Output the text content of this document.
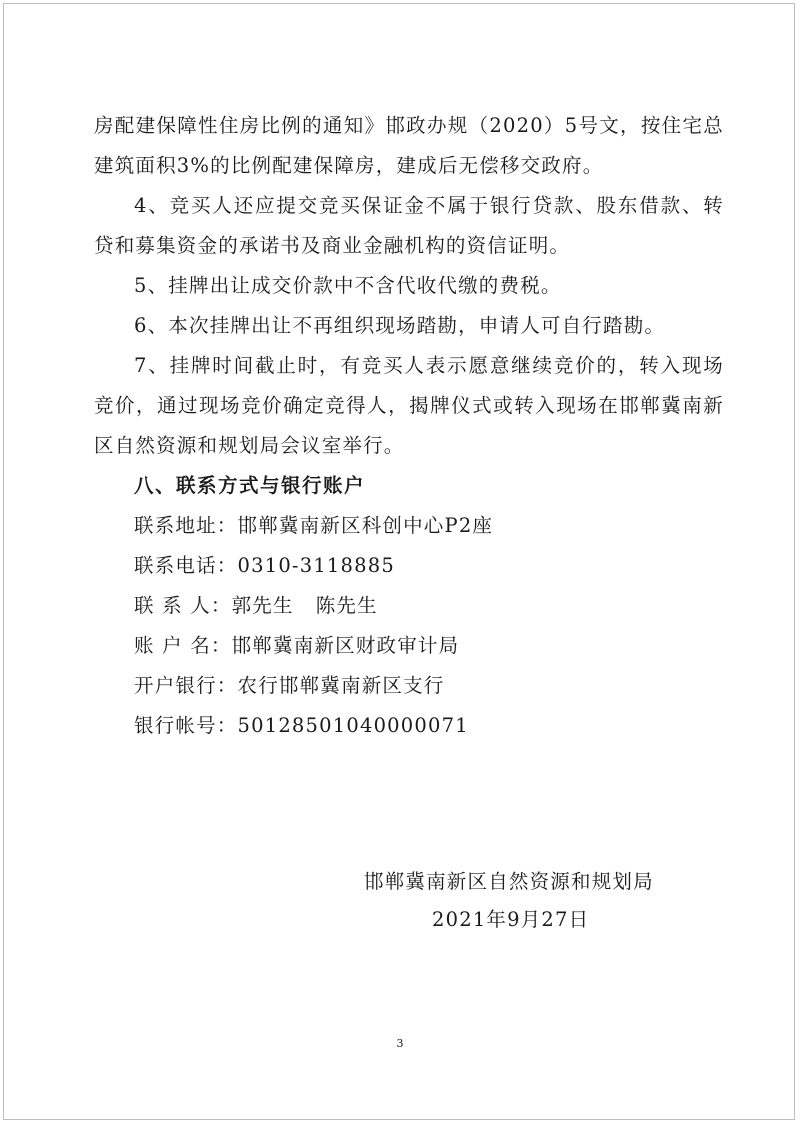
房配建保障性住房比例的通知》邯政办规（2020）5号文，按住宅总建筑面积3%的比例配建保障房，建成后无偿移交政府。

4、竞买人还应提交竞买保证金不属于银行贷款、股东借款、转贷和募集资金的承诺书及商业金融机构的资信证明。

5、挂牌出让成交价款中不含代收代缴的费税。

6、本次挂牌出让不再组织现场踏勘，申请人可自行踏勘。

7、挂牌时间截止时，有竞买人表示愿意继续竞价的，转入现场竞价，通过现场竞价确定竞得人，揭牌仪式或转入现场在邯郸冀南新区自然资源和规划局会议室举行。

八、联系方式与银行账户

联系地址：邯郸冀南新区科创中心P2座

联系电话：0310-3118885

联 系 人：郭先生 陈先生

账 户 名：邯郸冀南新区财政审计局

开户银行：农行邯郸冀南新区支行

银行帐号：50128501040000071

邯郸冀南新区自然资源和规划局
2021年9月27日
3
